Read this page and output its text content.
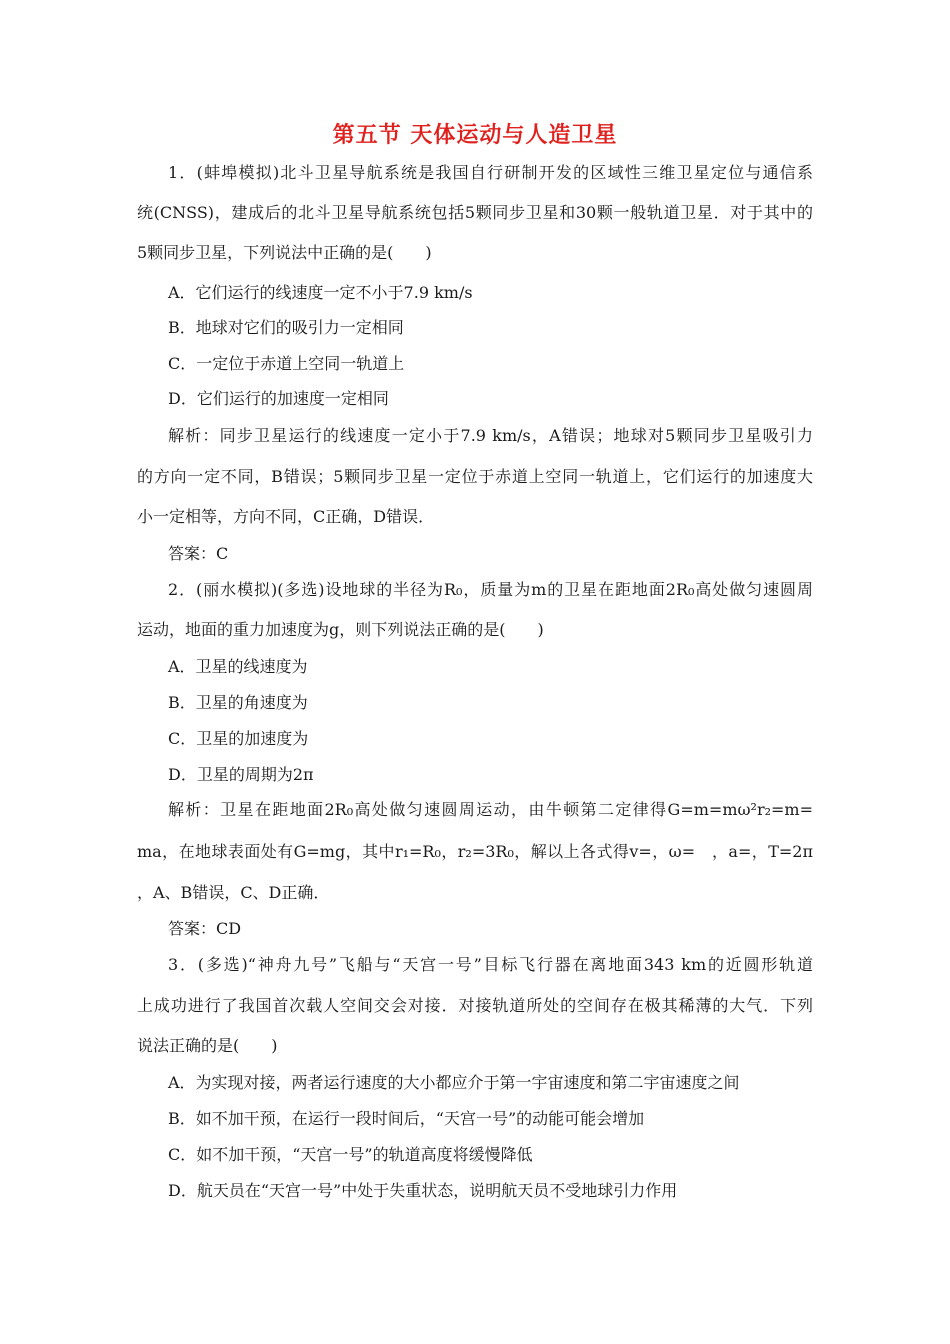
第五节 天体运动与人造卫星
1．(蚌埠模拟)北斗卫星导航系统是我国自行研制开发的区域性三维卫星定位与通信系
统(CNSS)，建成后的北斗卫星导航系统包括5颗同步卫星和30颗一般轨道卫星．对于其中的
5颗同步卫星，下列说法中正确的是(　　)
A．它们运行的线速度一定不小于7.9 km/s
B．地球对它们的吸引力一定相同
C．一定位于赤道上空同一轨道上
D．它们运行的加速度一定相同
解析：同步卫星运行的线速度一定小于7.9 km/s，A错误；地球对5颗同步卫星吸引力
的方向一定不同，B错误；5颗同步卫星一定位于赤道上空同一轨道上，它们运行的加速度大
小一定相等，方向不同，C正确，D错误．
答案：C
2．(丽水模拟)(多选)设地球的半径为R₀，质量为m的卫星在距地面2R₀高处做匀速圆周
运动，地面的重力加速度为g，则下列说法正确的是(　　)
A．卫星的线速度为
B．卫星的角速度为
C．卫星的加速度为
D．卫星的周期为2π
解析：卫星在距地面2R₀高处做匀速圆周运动，由牛顿第二定律得G=m=mω²r₂=m=
ma，在地球表面处有G=mg，其中r₁=R₀，r₂=3R₀，解以上各式得v=，ω=　，a=，T=2π
，A、B错误，C、D正确．
答案：CD
3．(多选)“神舟九号”飞船与“天宫一号”目标飞行器在离地面343 km的近圆形轨道
上成功进行了我国首次载人空间交会对接．对接轨道所处的空间存在极其稀薄的大气．下列
说法正确的是(　　)
A．为实现对接，两者运行速度的大小都应介于第一宇宙速度和第二宇宙速度之间
B．如不加干预，在运行一段时间后，“天宫一号”的动能可能会增加
C．如不加干预，“天宫一号”的轨道高度将缓慢降低
D．航天员在“天宫一号”中处于失重状态，说明航天员不受地球引力作用
